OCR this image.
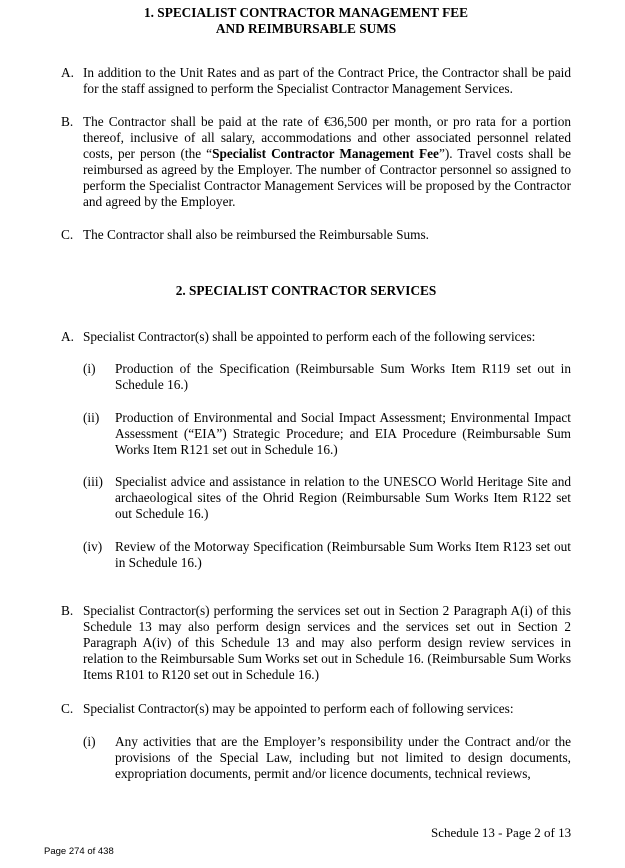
1. SPECIALIST CONTRACTOR MANAGEMENT FEE
AND REIMBURSABLE SUMS
A. In addition to the Unit Rates and as part of the Contract Price, the Contractor shall be paid for the staff assigned to perform the Specialist Contractor Management Services.
B. The Contractor shall be paid at the rate of €36,500 per month, or pro rata for a portion thereof, inclusive of all salary, accommodations and other associated personnel related costs, per person (the “Specialist Contractor Management Fee”). Travel costs shall be reimbursed as agreed by the Employer. The number of Contractor personnel so assigned to perform the Specialist Contractor Management Services will be proposed by the Contractor and agreed by the Employer.
C. The Contractor shall also be reimbursed the Reimbursable Sums.
2. SPECIALIST CONTRACTOR SERVICES
A. Specialist Contractor(s) shall be appointed to perform each of the following services:
(i) Production of the Specification (Reimbursable Sum Works Item R119 set out in Schedule 16.)
(ii) Production of Environmental and Social Impact Assessment; Environmental Impact Assessment (“EIA”) Strategic Procedure; and EIA Procedure (Reimbursable Sum Works Item R121 set out in Schedule 16.)
(iii) Specialist advice and assistance in relation to the UNESCO World Heritage Site and archaeological sites of the Ohrid Region (Reimbursable Sum Works Item R122 set out Schedule 16.)
(iv) Review of the Motorway Specification (Reimbursable Sum Works Item R123 set out in Schedule 16.)
B. Specialist Contractor(s) performing the services set out in Section 2 Paragraph A(i) of this Schedule 13 may also perform design services and the services set out in Section 2 Paragraph A(iv) of this Schedule 13 and may also perform design review services in relation to the Reimbursable Sum Works set out in Schedule 16. (Reimbursable Sum Works Items R101 to R120 set out in Schedule 16.)
C. Specialist Contractor(s) may be appointed to perform each of following services:
(i) Any activities that are the Employer’s responsibility under the Contract and/or the provisions of the Special Law, including but not limited to design documents, expropriation documents, permit and/or licence documents, technical reviews,
Schedule 13 - Page 2 of 13
Page 274 of 438
